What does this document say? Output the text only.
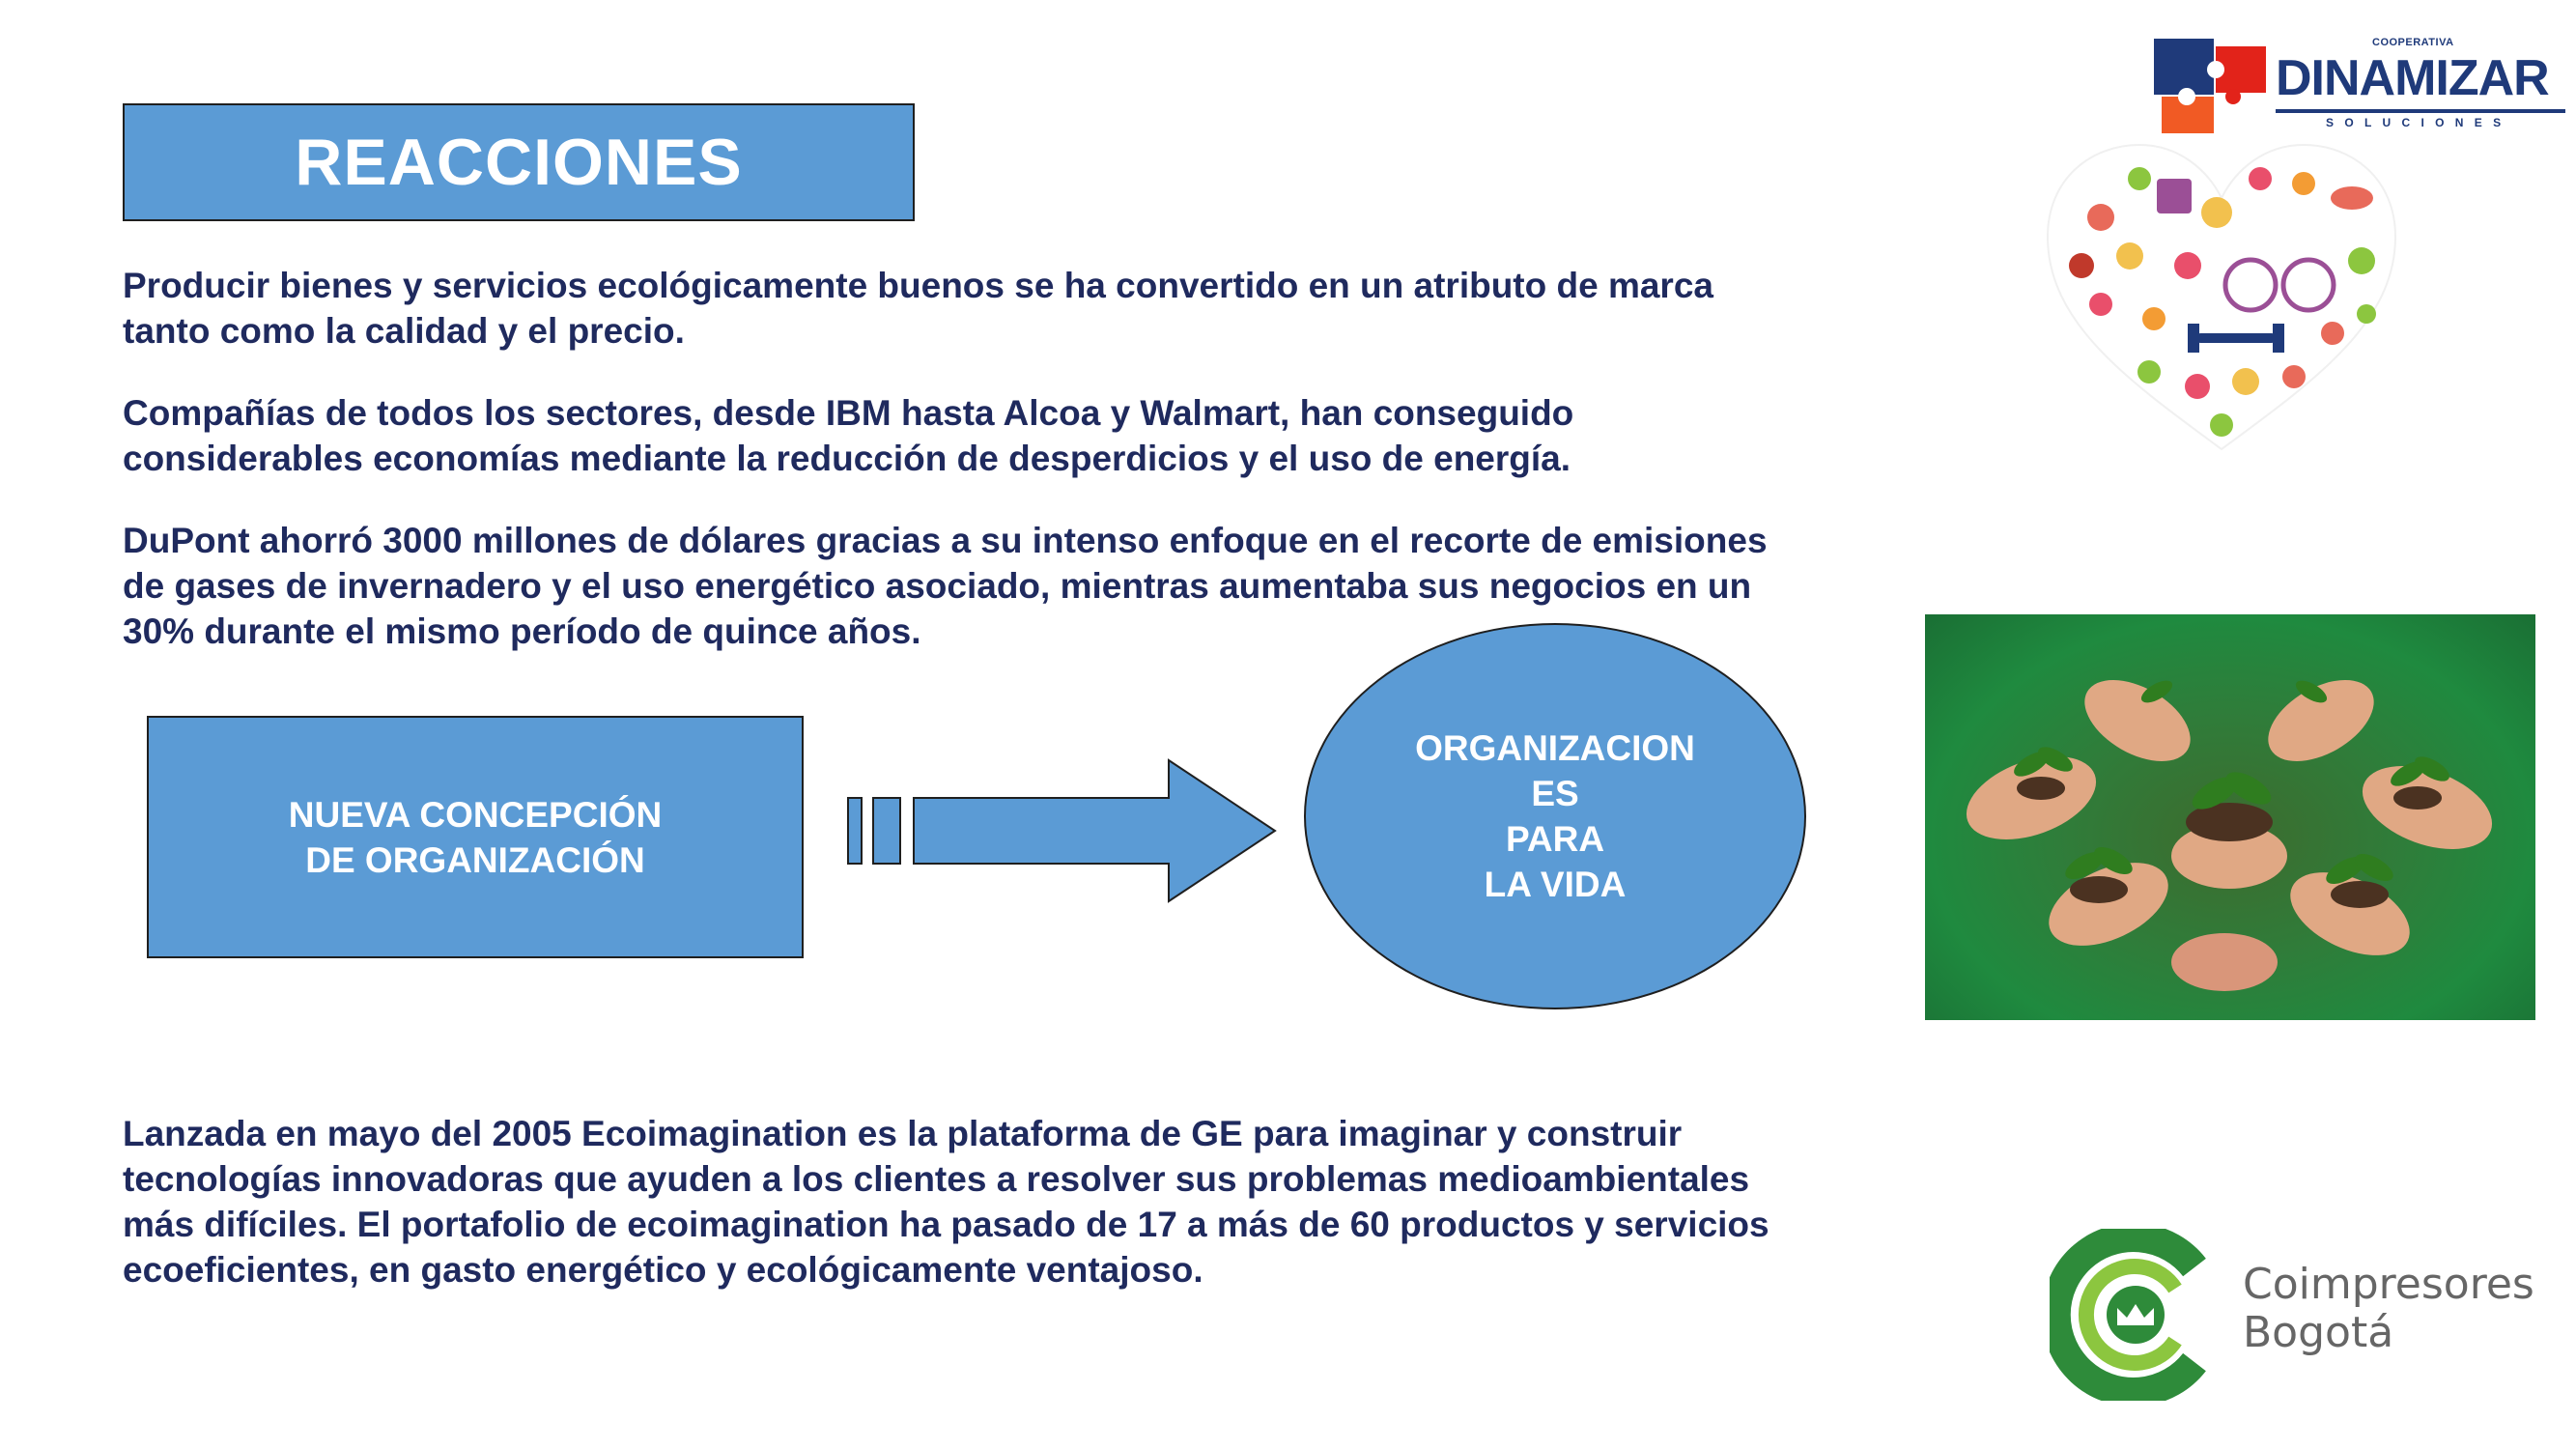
REACCIONES
Producir bienes y servicios ecológicamente buenos se ha convertido en un atributo de marca
tanto como la calidad y el precio.
Compañías de todos los sectores, desde IBM hasta Alcoa y Walmart, han conseguido
considerables economías mediante la reducción de desperdicios y el uso de energía.
DuPont ahorró 3000 millones de dólares gracias a su intenso enfoque en el recorte de emisiones
de gases de invernadero y el uso energético asociado, mientras aumentaba sus negocios en un
30% durante el mismo período de quince años.
NUEVA CONCEPCIÓN
DE ORGANIZACIÓN
ORGANIZACION
ES
PARA
LA VIDA
Lanzada en mayo del 2005 Ecoimagination es la plataforma de GE para imaginar y construir
tecnologías innovadoras que ayuden a los clientes a resolver sus problemas medioambientales
más difíciles. El portafolio de ecoimagination ha pasado de 17 a más de 60 productos y servicios
ecoeficientes, en gasto energético y ecológicamente ventajoso.
COOPERATIVA
DINAMIZAR
S O L U C I O N E S
Coimpresores
Bogotá
